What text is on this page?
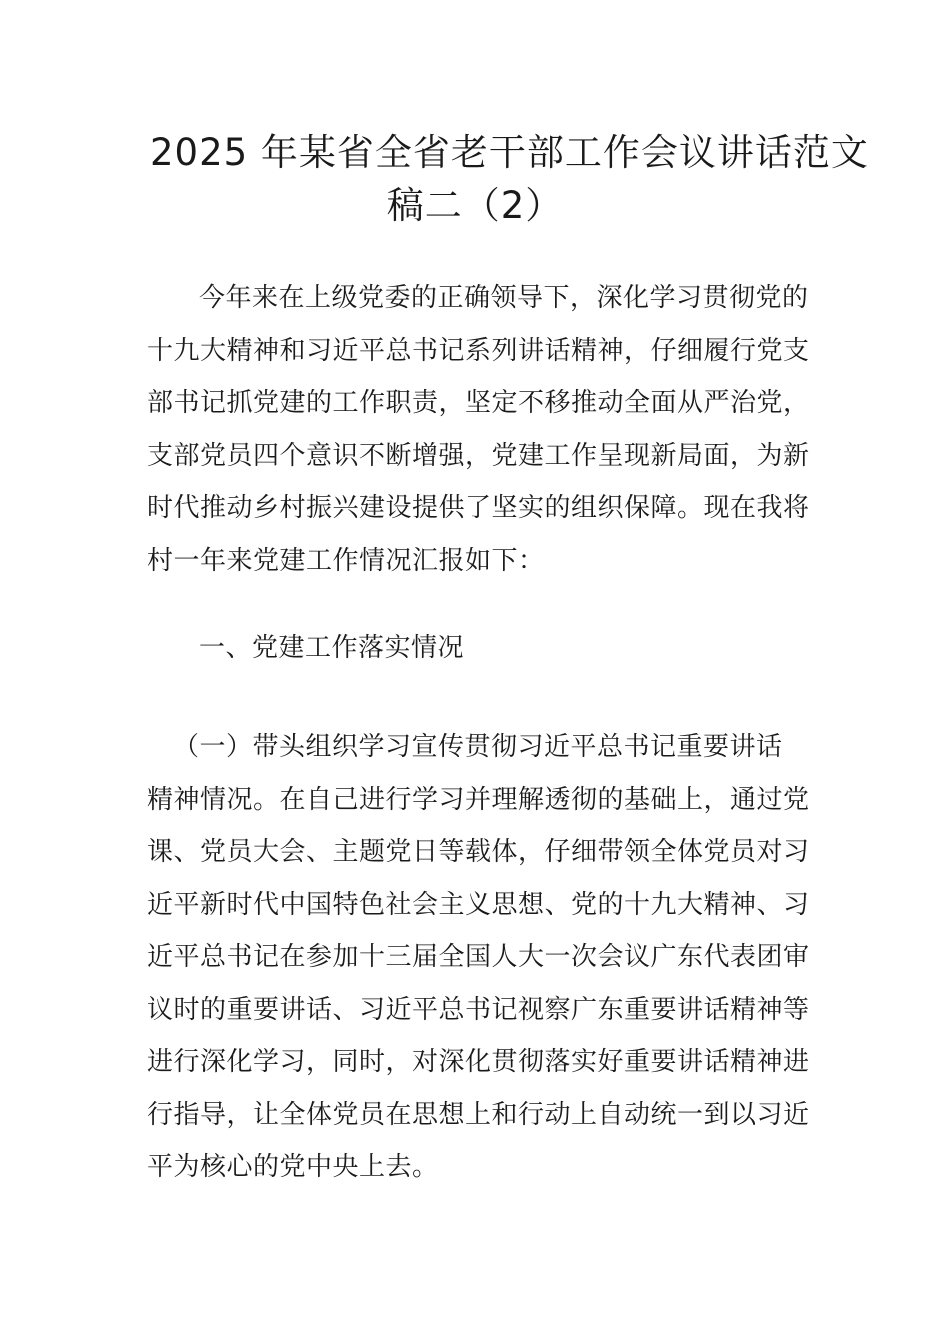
2025 年某省全省老干部工作会议讲话范文
稿二（2）
今年来在上级党委的正确领导下，深化学习贯彻党的
十九大精神和习近平总书记系列讲话精神，仔细履行党支
部书记抓党建的工作职责，坚定不移推动全面从严治党，
支部党员四个意识不断增强，党建工作呈现新局面，为新
时代推动乡村振兴建设提供了坚实的组织保障。现在我将
村一年来党建工作情况汇报如下：
一、党建工作落实情况
（一）带头组织学习宣传贯彻习近平总书记重要讲话
精神情况。在自己进行学习并理解透彻的基础上，通过党
课、党员大会、主题党日等载体，仔细带领全体党员对习
近平新时代中国特色社会主义思想、党的十九大精神、习
近平总书记在参加十三届全国人大一次会议广东代表团审
议时的重要讲话、习近平总书记视察广东重要讲话精神等
进行深化学习，同时，对深化贯彻落实好重要讲话精神进
行指导，让全体党员在思想上和行动上自动统一到以习近
平为核心的党中央上去。
